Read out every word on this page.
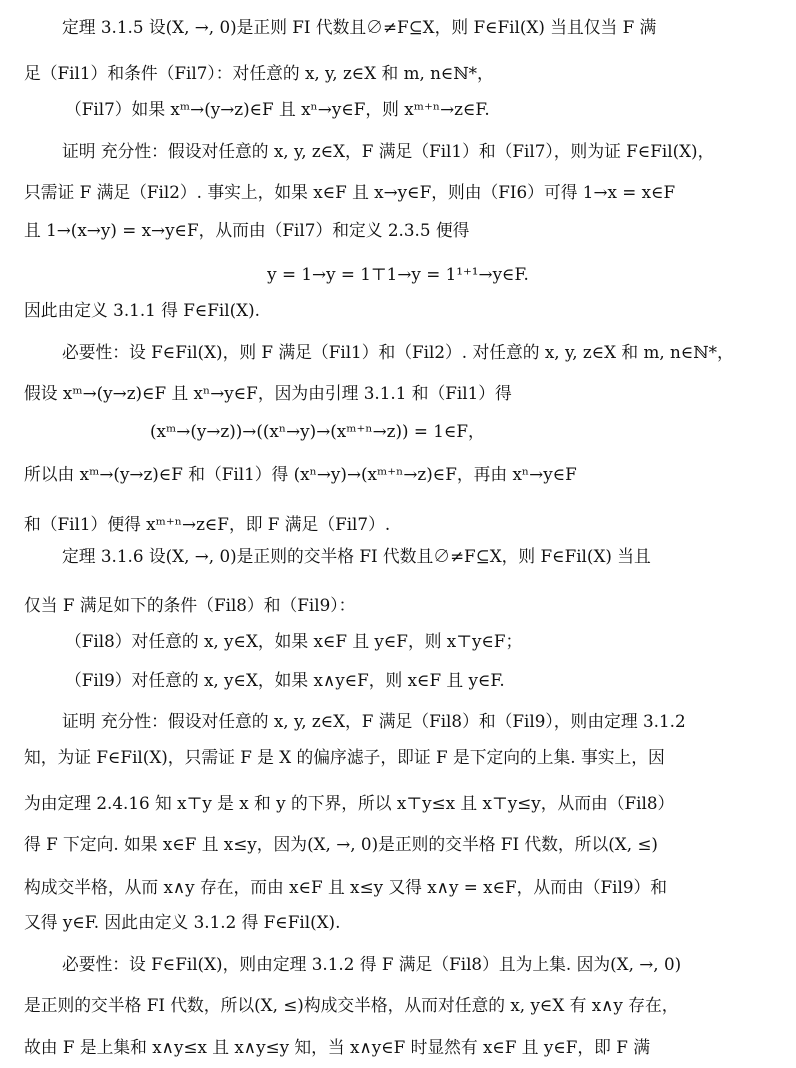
定理 3.1.5 设(X, →, 0)是正则 FI 代数且∅≠F⊆X，则 F∈Fil(X) 当且仅当 F 满
足（Fil1）和条件（Fil7）：对任意的 x, y, z∈X 和 m, n∈ℕ*，
（Fil7）如果 xᵐ→(y→z)∈F 且 xⁿ→y∈F，则 xᵐ⁺ⁿ→z∈F.
证明 充分性：假设对任意的 x, y, z∈X，F 满足（Fil1）和（Fil7），则为证 F∈Fil(X)，
只需证 F 满足（Fil2）. 事实上，如果 x∈F 且 x→y∈F，则由（FI6）可得 1→x = x∈F
且 1→(x→y) = x→y∈F，从而由（Fil7）和定义 2.3.5 便得
y = 1→y = 1⊤1→y = 1¹⁺¹→y∈F.
因此由定义 3.1.1 得 F∈Fil(X).
必要性：设 F∈Fil(X)，则 F 满足（Fil1）和（Fil2）. 对任意的 x, y, z∈X 和 m, n∈ℕ*，
假设 xᵐ→(y→z)∈F 且 xⁿ→y∈F，因为由引理 3.1.1 和（Fil1）得
(xᵐ→(y→z))→((xⁿ→y)→(xᵐ⁺ⁿ→z)) = 1∈F，
所以由 xᵐ→(y→z)∈F 和（Fil1）得 (xⁿ→y)→(xᵐ⁺ⁿ→z)∈F，再由 xⁿ→y∈F
和（Fil1）便得 xᵐ⁺ⁿ→z∈F，即 F 满足（Fil7）.
定理 3.1.6 设(X, →, 0)是正则的交半格 FI 代数且∅≠F⊆X，则 F∈Fil(X) 当且
仅当 F 满足如下的条件（Fil8）和（Fil9）：
（Fil8）对任意的 x, y∈X，如果 x∈F 且 y∈F，则 x⊤y∈F；
（Fil9）对任意的 x, y∈X，如果 x∧y∈F，则 x∈F 且 y∈F.
证明 充分性：假设对任意的 x, y, z∈X，F 满足（Fil8）和（Fil9），则由定理 3.1.2
知，为证 F∈Fil(X)，只需证 F 是 X 的偏序滤子，即证 F 是下定向的上集. 事实上，因
为由定理 2.4.16 知 x⊤y 是 x 和 y 的下界，所以 x⊤y≤x 且 x⊤y≤y，从而由（Fil8）
得 F 下定向. 如果 x∈F 且 x≤y，因为(X, →, 0)是正则的交半格 FI 代数，所以(X, ≤)
构成交半格，从而 x∧y 存在，而由 x∈F 且 x≤y 又得 x∧y = x∈F，从而由（Fil9）和
又得 y∈F. 因此由定义 3.1.2 得 F∈Fil(X).
必要性：设 F∈Fil(X)，则由定理 3.1.2 得 F 满足（Fil8）且为上集. 因为(X, →, 0)
是正则的交半格 FI 代数，所以(X, ≤)构成交半格，从而对任意的 x, y∈X 有 x∧y 存在，
故由 F 是上集和 x∧y≤x 且 x∧y≤y 知，当 x∧y∈F 时显然有 x∈F 且 y∈F，即 F 满
